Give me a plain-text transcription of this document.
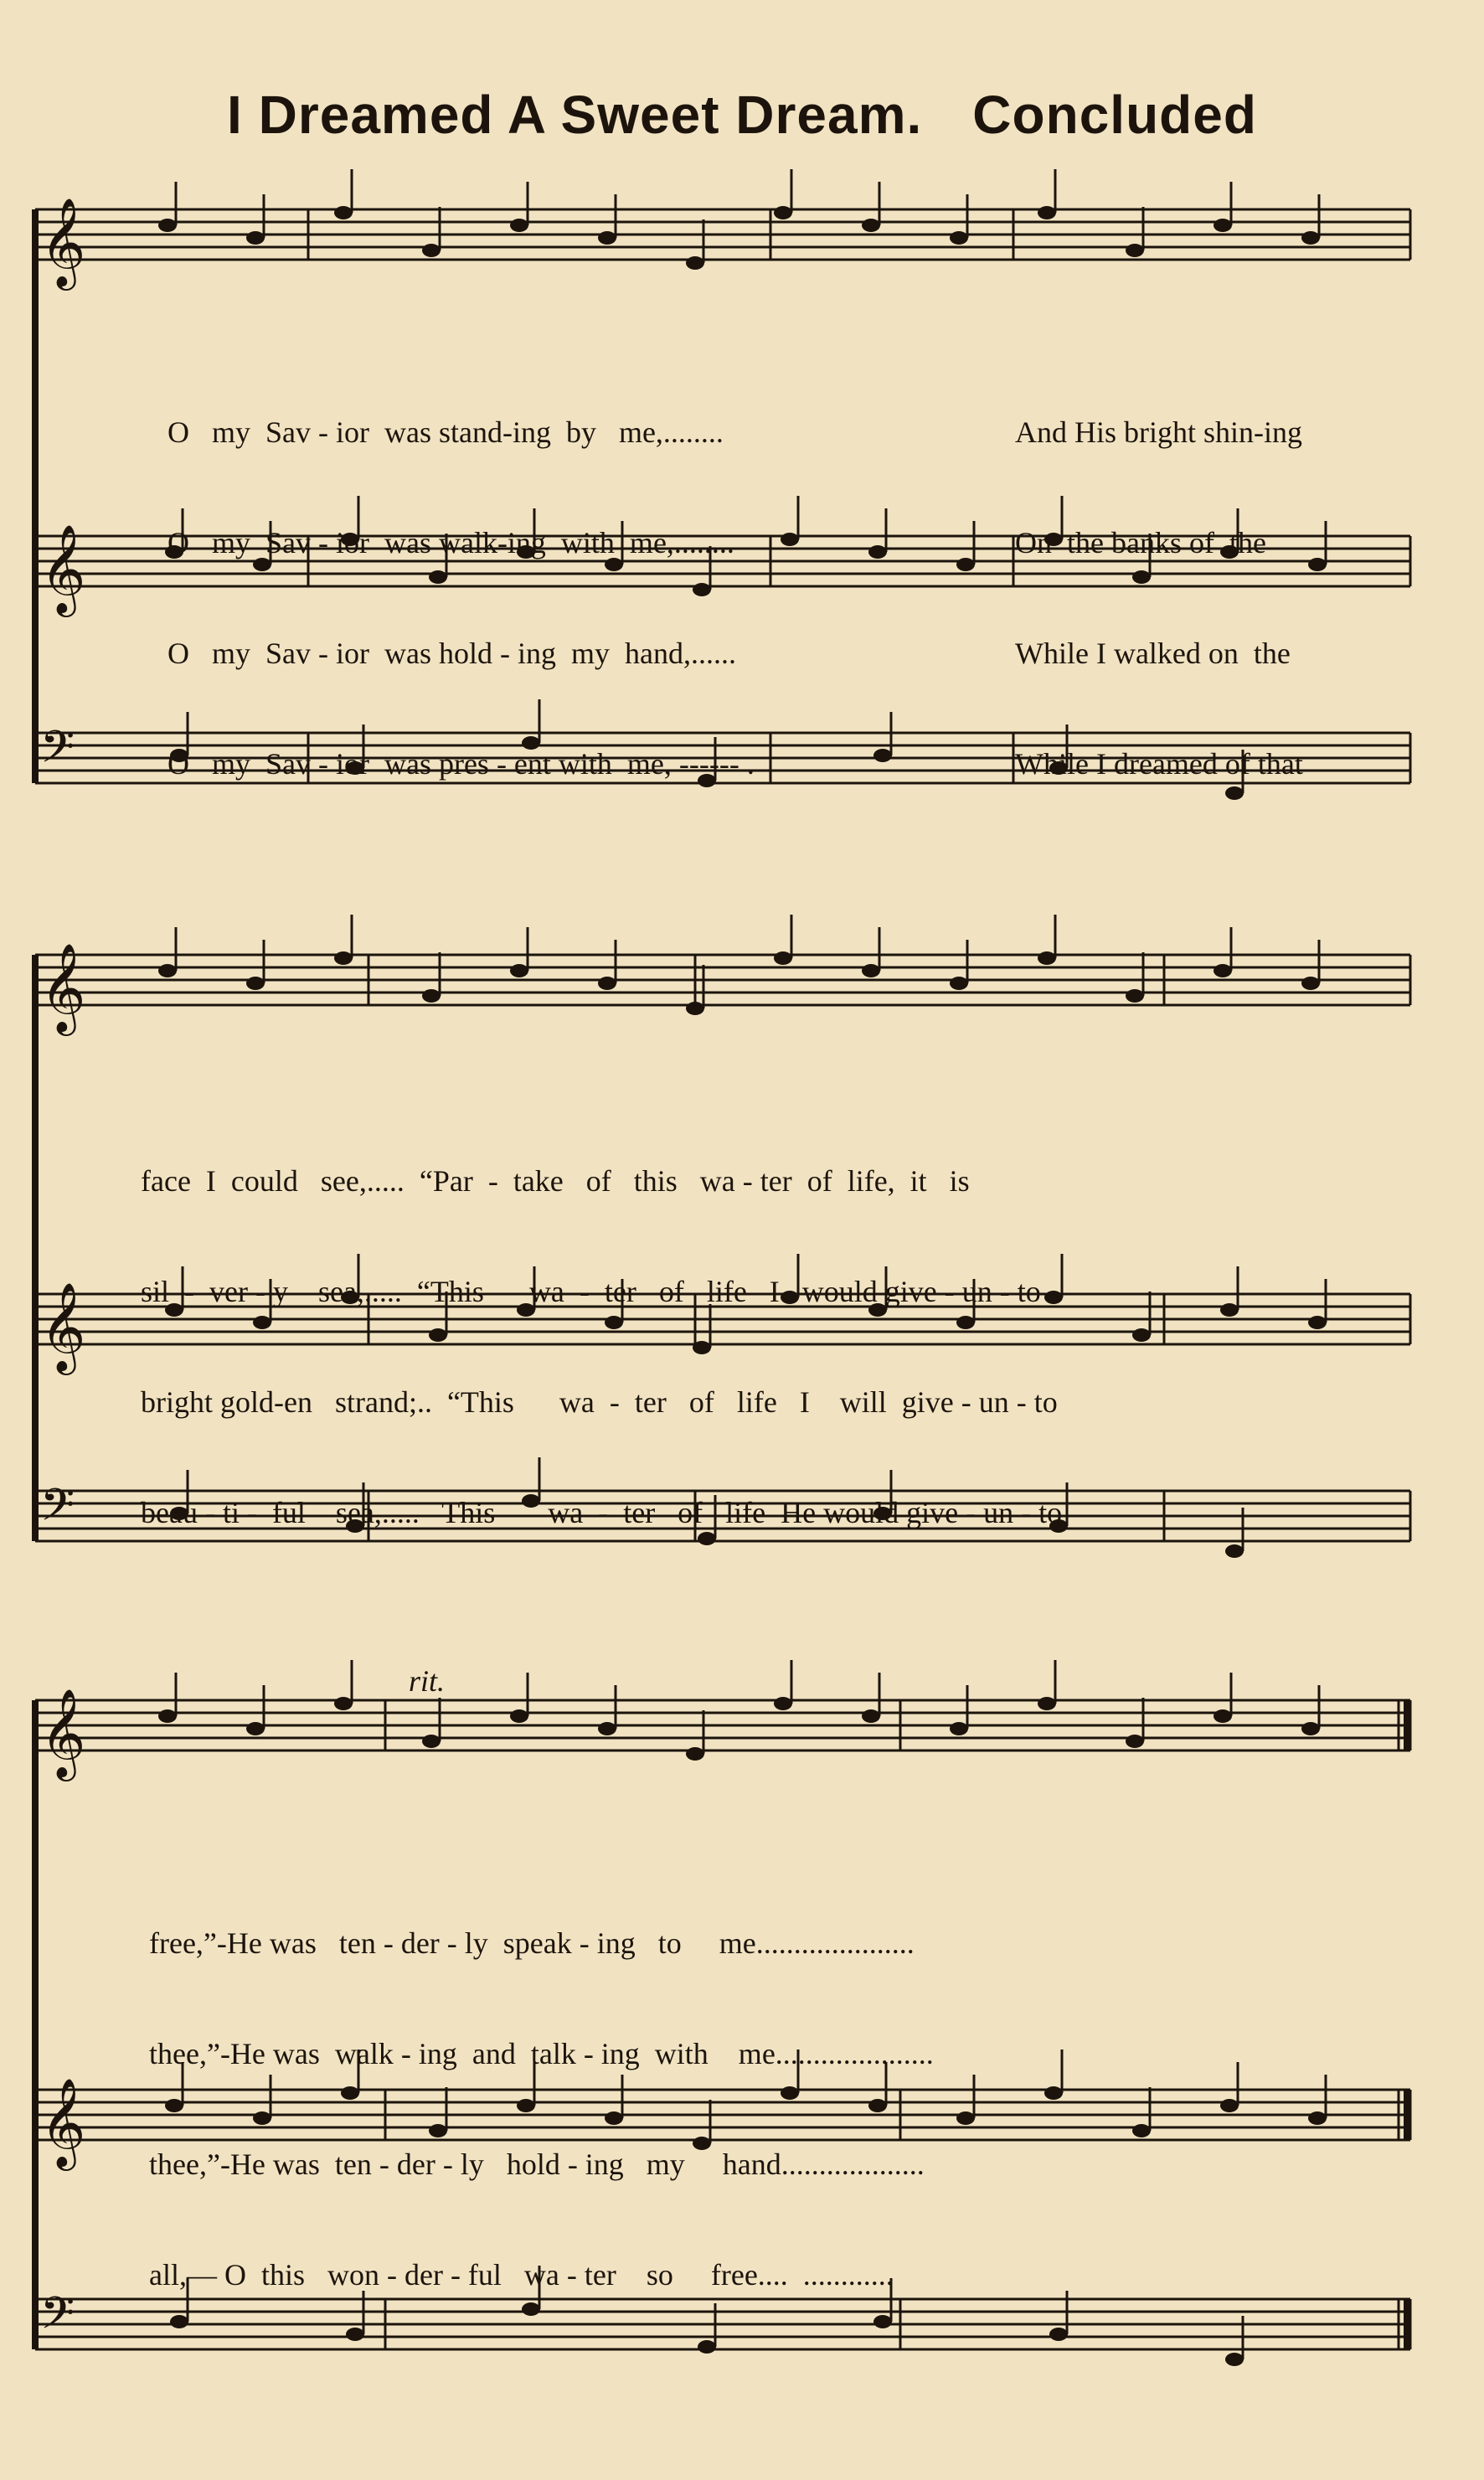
I Dreamed A Sweet Dream. Concluded
𝄞
𝄞
𝄢
𝄞
𝄞
𝄢
𝄞
𝄞
𝄢

O   my  Sav - ior  was stand-ing  by   me,........

O   my  Sav - ior  was walk-ing  with  me,........

O   my  Sav - ior  was hold - ing  my  hand,......

O   my  Sav - ior  was pres - ent with  me, ------ .

And His bright shin-ing

On  the banks of  the

While I walked on  the

While I dreamed of that

face  I  could   see,.....  “Par  -  take   of   this   wa - ter  of  life,  it   is

sil  -  ver - y    sea,.....  “This      wa  -  ter   of   life   I   would give - un - to

bright gold-en   strand;..  “This      wa  -  ter   of   life   I    will  give - un - to

beau - ti -  ful    sea,.....   This       wa  -  ter   of   life  He would give - un - to

rit.

free,”-He was   ten - der - ly  speak - ing   to     me.....................

thee,”-He was  walk - ing  and  talk - ing  with    me.....................

thee,”-He was  ten - der - ly   hold - ing   my     hand...................

all,— O  this   won - der - ful   wa - ter    so     free....  ............
